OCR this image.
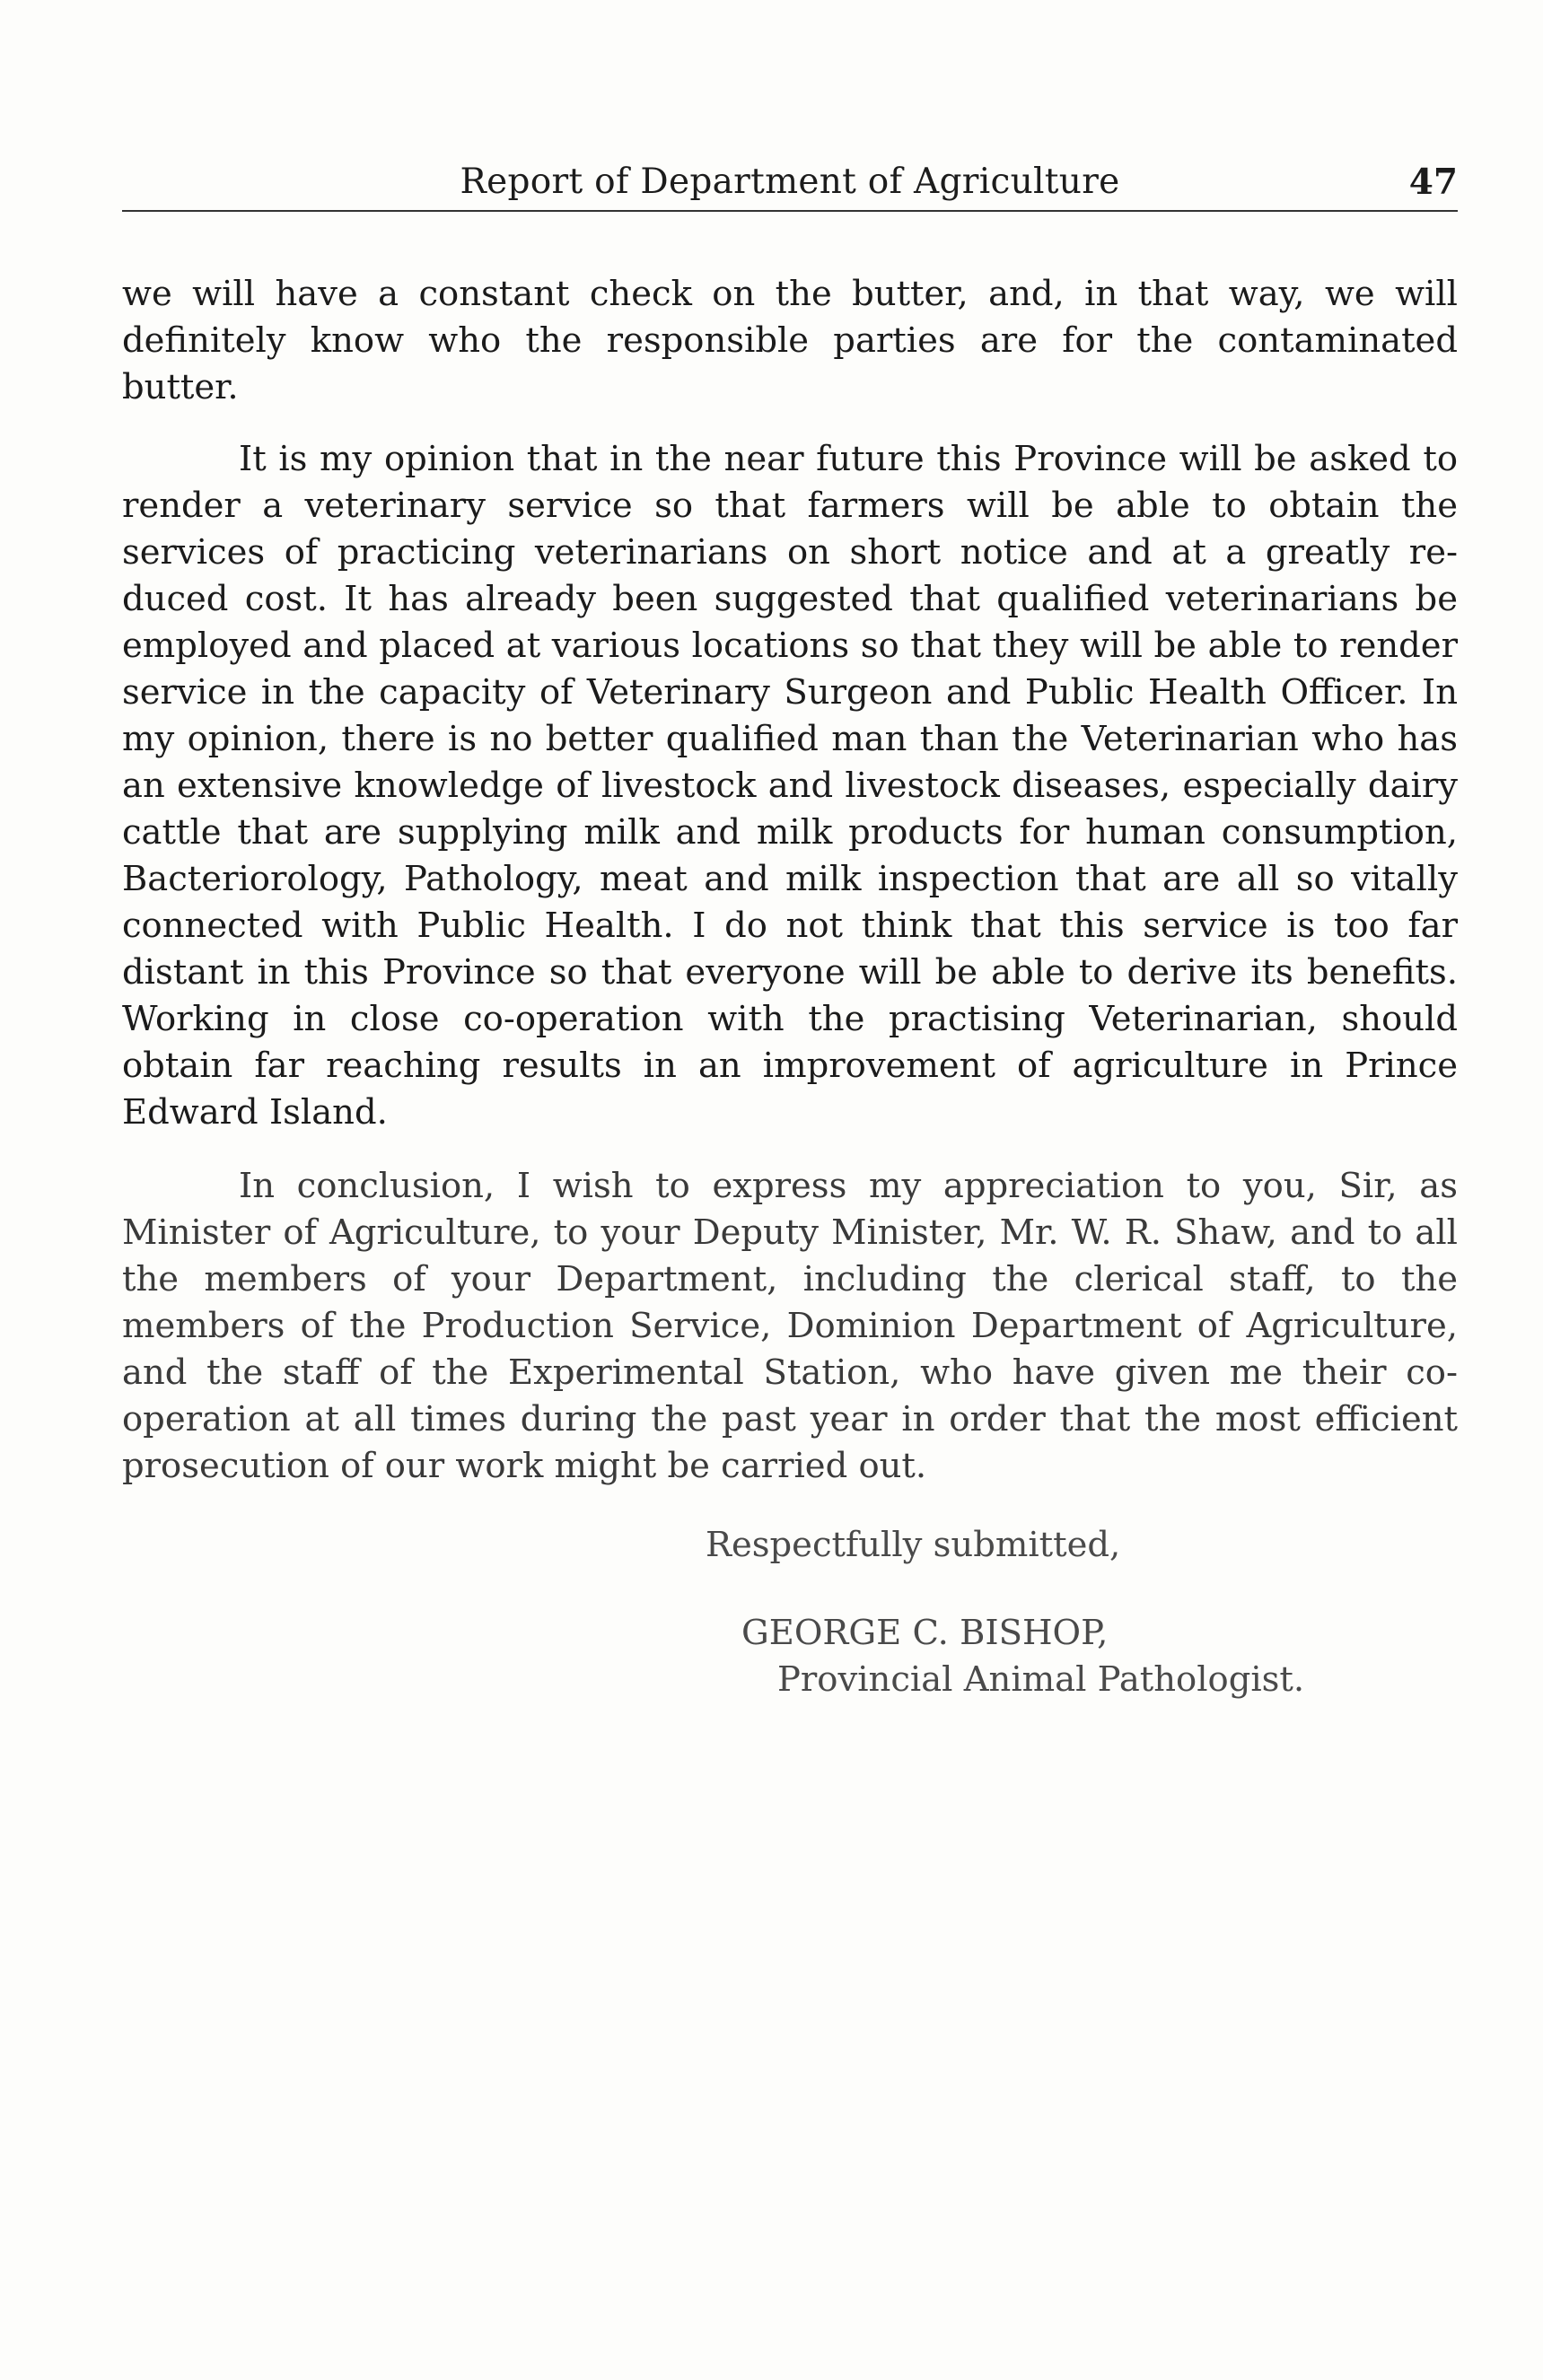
Report of Department of Agriculture	47

we will have a constant check on the butter, and, in that way, we will definitely know who the responsible parties are for the contaminated butter.

It is my opinion that in the near future this Province will be asked to render a veterinary service so that farmers will be able to obtain the services of practicing veterinarians on short notice and at a greatly reduced cost. It has already been suggested that qualified veterinarians be employed and placed at various locations so that they will be able to render service in the capacity of Veterinary Surgeon and Public Health Officer. In my opinion, there is no better qualified man than the Veterinarian who has an extensive knowledge of livestock and livestock diseases, especially dairy cattle that are supplying milk and milk products for human consumption, Bacteriorology, Pathology, meat and milk inspection that are all so vitally connected with Public Health. I do not think that this service is too far distant in this Province so that everyone will be able to derive its benefits. Working in close co-operation with the practising Veterinarian, should obtain far reaching results in an improvement of agriculture in Prince Edward Island.

In conclusion, I wish to express my appreciation to you, Sir, as Minister of Agriculture, to your Deputy Minister, Mr. W. R. Shaw, and to all the members of your Department, including the clerical staff, to the members of the Production Service, Dominion Department of Agriculture, and the staff of the Experimental Station, who have given me their cooperation at all times during the past year in order that the most efficient prosecution of our work might be carried out.

Respectfully submitted,
GEORGE C. BISHOP,
Provincial Animal Pathologist.
